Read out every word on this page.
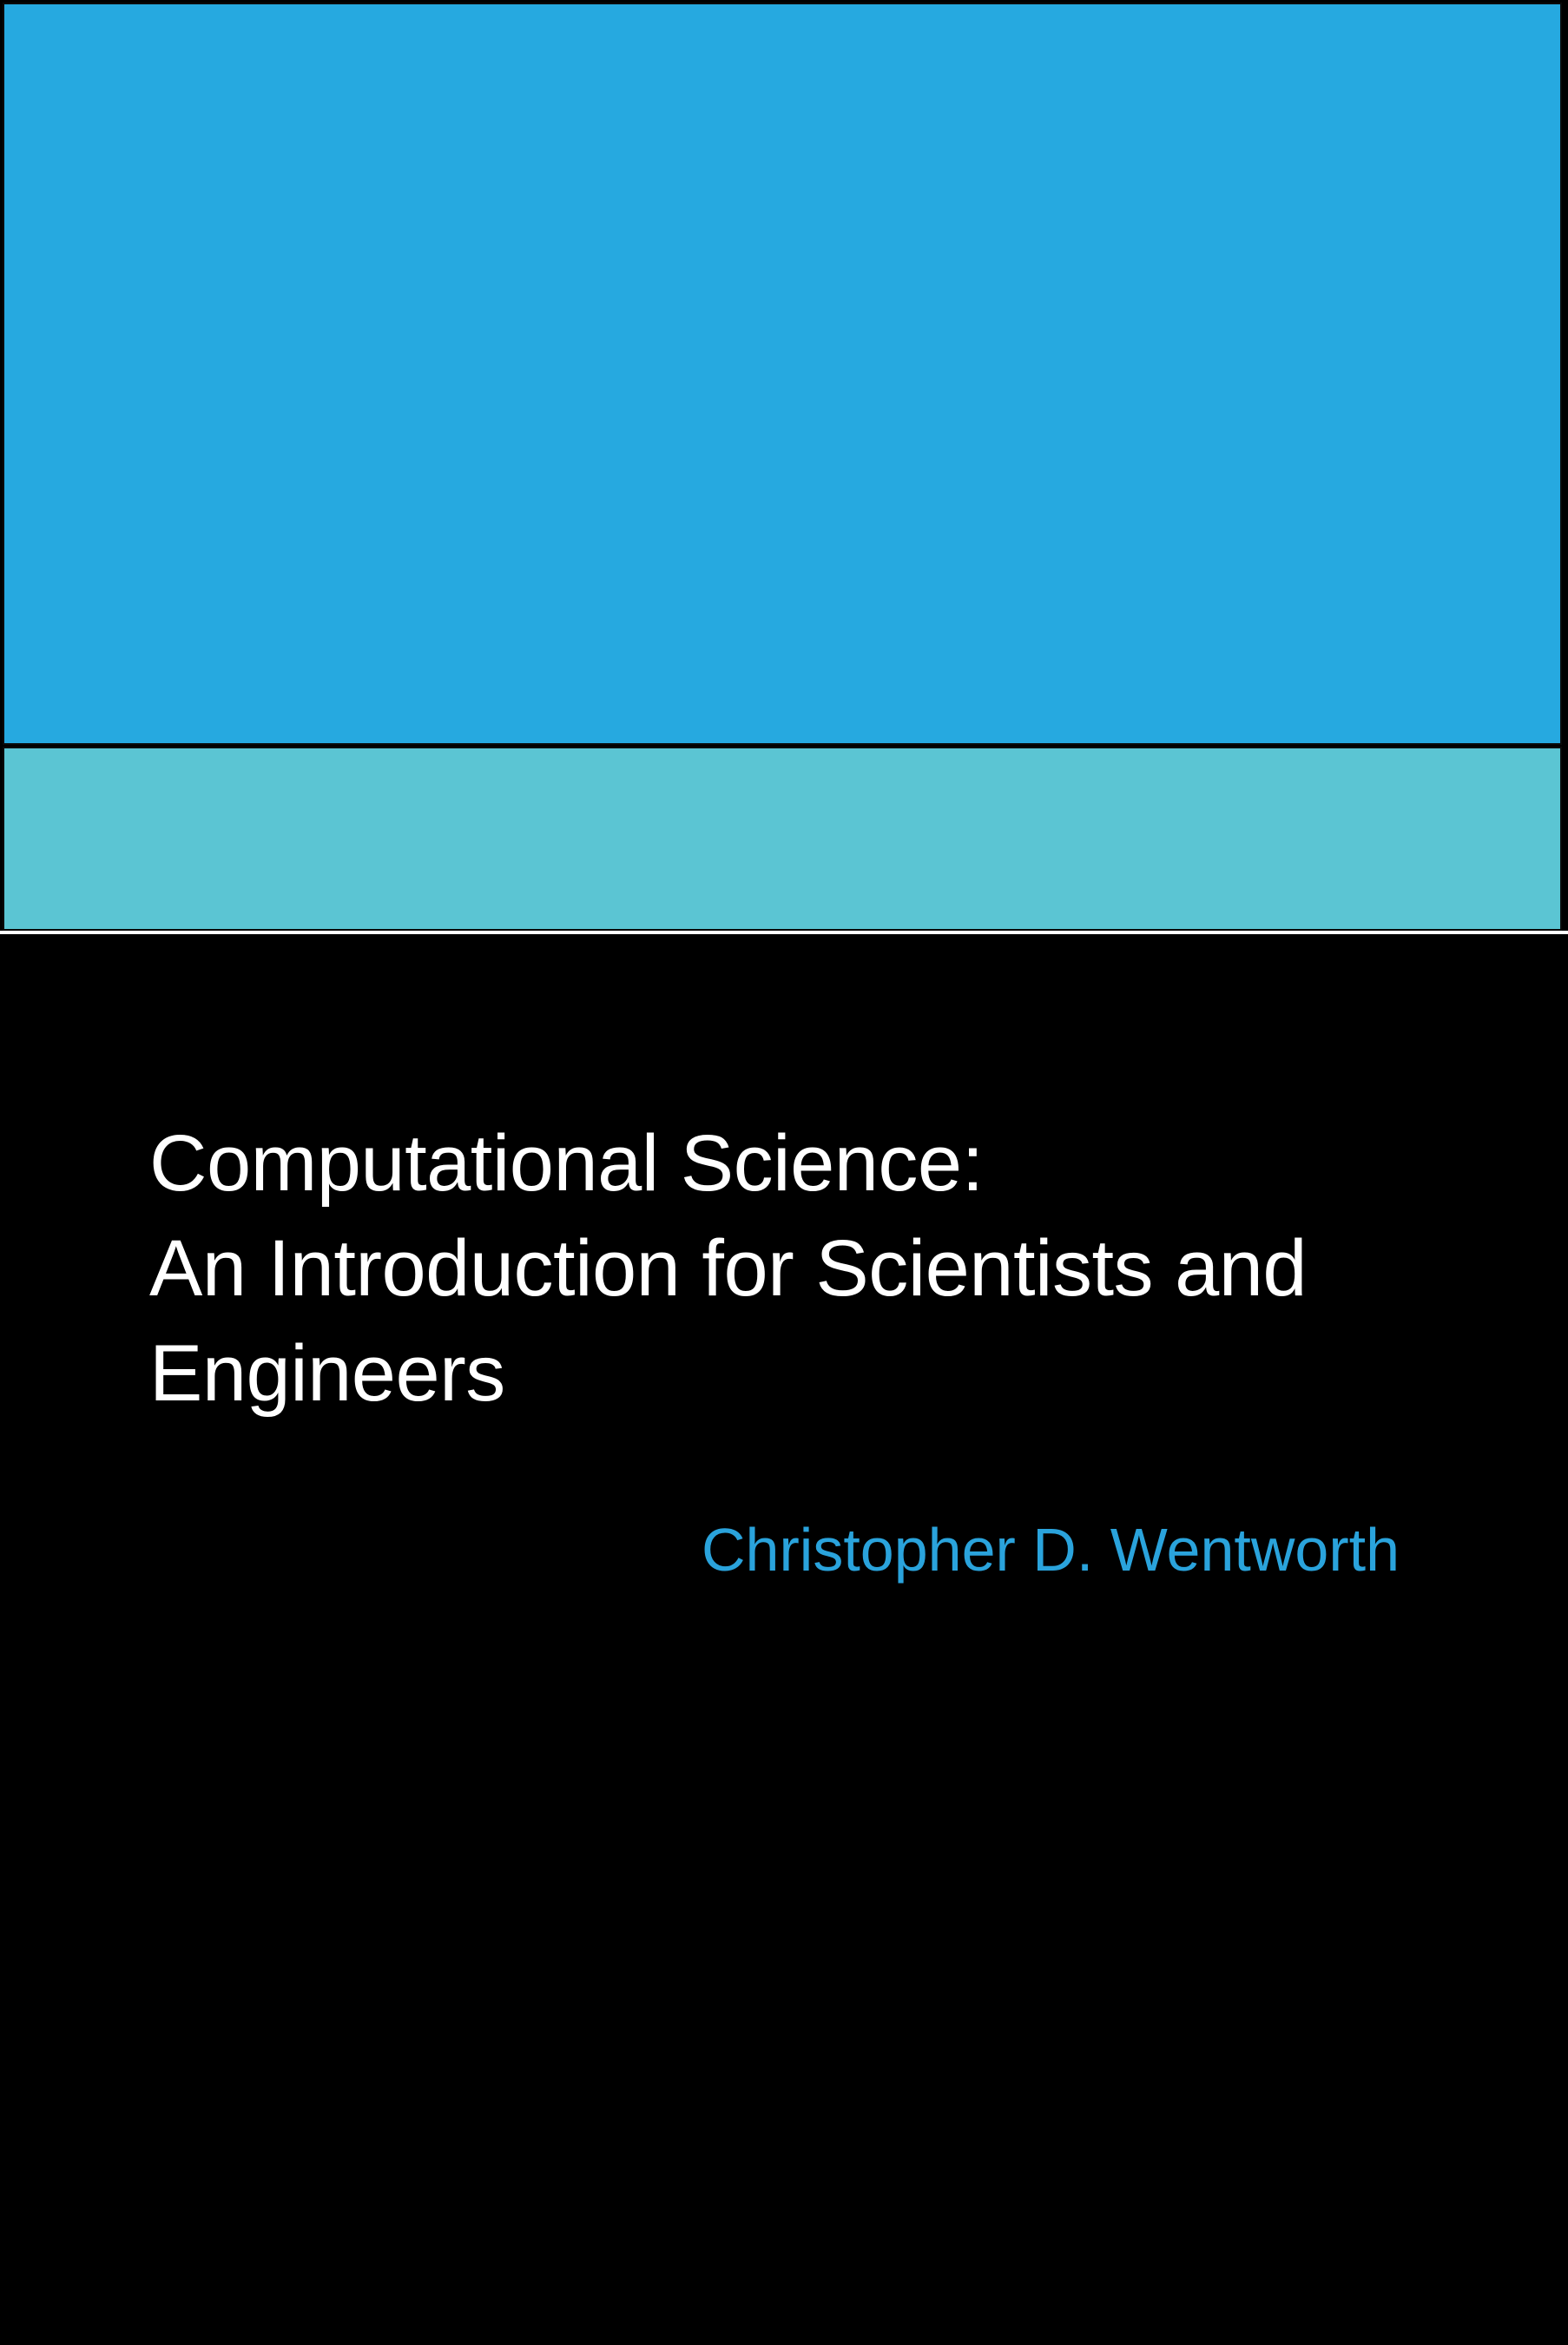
Computational Science:
An Introduction for Scientists and
Engineers
Christopher D. Wentworth
